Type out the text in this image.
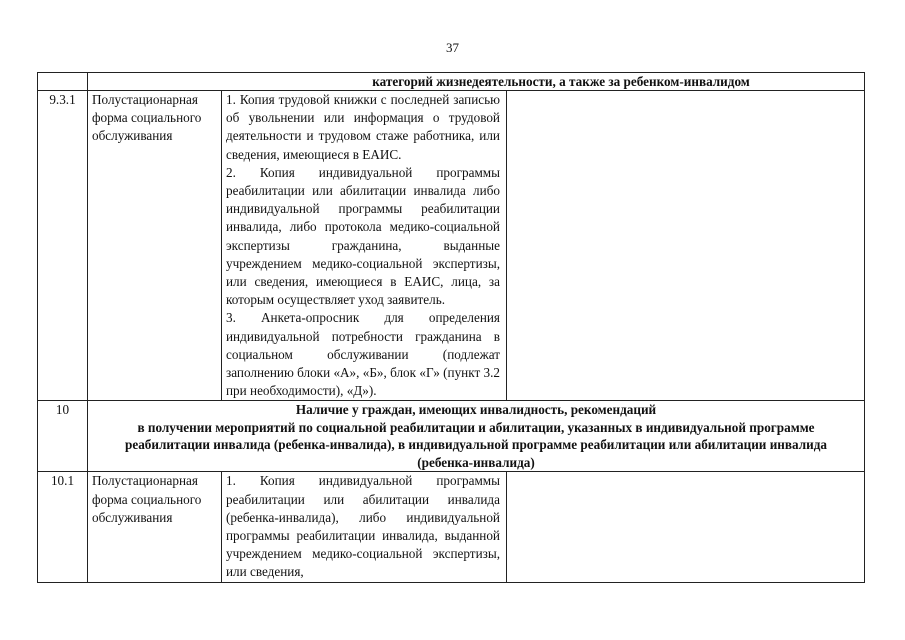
37
	категорий жизнедеятельности, а также за ребенком-инвалидом		
9.3.1	Полустационарная форма социального обслуживания	1. Копия трудовой книжки с последней записью об увольнении или информация о трудовой деятельности и трудовом стаже работника, или сведения, имеющиеся в ЕАИС.

2. Копия индивидуальной программы реабилитации или абилитации инвалида либо индивидуальной программы реабилитации инвалида, либо протокола медико-социальной экспертизы гражданина, выданные учреждением медико-социальной экспертизы, или сведения, имеющиеся в ЕАИС, лица, за которым осуществляет уход заявитель.

3. Анкета-опросник для определения индивидуальной потребности гражданина в социальном обслуживании (подлежат заполнению блоки «А», «Б», блок «Г» (пункт 3.2 при необходимости), «Д»).	

10	Наличие у граждан, имеющих инвалидность, рекомендаций
в получении мероприятий по социальной реабилитации и абилитации, указанных в индивидуальной программе реабилитации инвалида (ребенка-инвалида), в индивидуальной программе реабилитации или абилитации инвалида (ребенка-инвалида)		

10.1	Полустационарная форма социального обслуживания	1. Копия индивидуальной программы реабилитации или абилитации инвалида (ребенка-инвалида), либо индивидуальной программы реабилитации инвалида, выданной учреждением медико-социальной экспертизы, или сведения,	
